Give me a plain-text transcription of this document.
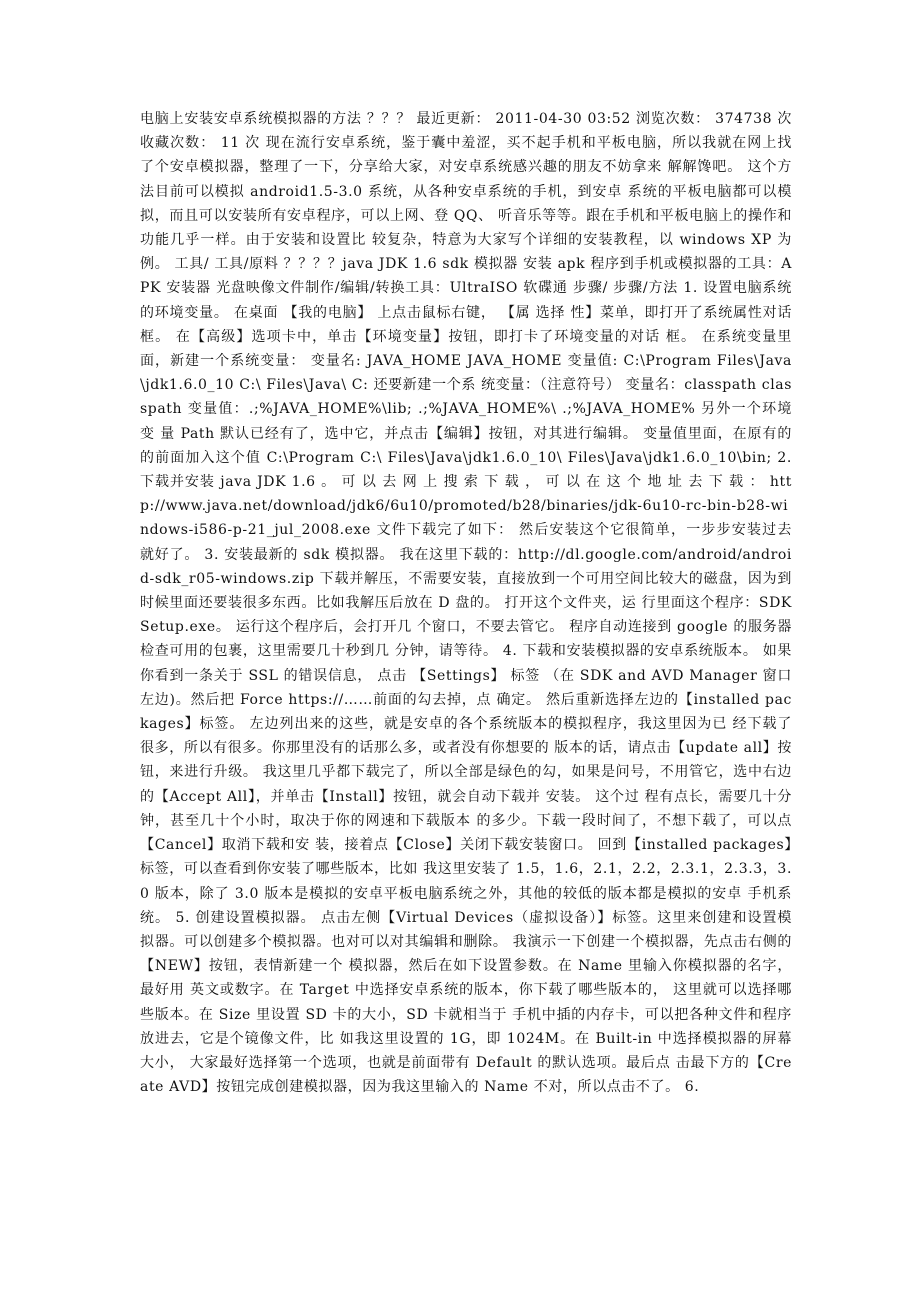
电脑上安装安卓系统模拟器的方法 ？？？ 最近更新： 2011-04-30 03:52 浏览次数： 374738 次 收藏次数： 11 次 现在流行安卓系统，鉴于囊中羞涩，买不起手机和平板电脑，所以我就在网上找 了个安卓模拟器，整理了一下，分享给大家，对安卓系统感兴趣的朋友不妨拿来 解解馋吧。 这个方法目前可以模拟 android1.5-3.0 系统，从各种安卓系统的手机，到安卓 系统的平板电脑都可以模拟，而且可以安装所有安卓程序，可以上网、登 QQ、 听音乐等等。跟在手机和平板电脑上的操作和功能几乎一样。由于安装和设置比 较复杂，特意为大家写个详细的安装教程，以 windows XP 为例。 工具/ 工具/原料 ？？？？java JDK 1.6 sdk 模拟器 安装 apk 程序到手机或模拟器的工具：APK 安装器 光盘映像文件制作/编辑/转换工具：UltraISO 软碟通 步骤/ 步骤/方法 1. 设置电脑系统的环境变量。 在桌面 【我的电脑】 上点击鼠标右键， 【属 选择 性】菜单，即打开了系统属性对话框。 在【高级】选项卡中，单击【环境变量】按钮，即打卡了环境变量的对话 框。 在系统变量里面，新建一个系统变量： 变量名: JAVA_HOME JAVA_HOME 变量值: C:\Program Files\Java\jdk1.6.0_10 C:\ Files\Java\ C: 还要新建一个系 统变量：（注意符号） 变量名：classpath classpath 变量值：.;%JAVA_HOME%\lib; .;%JAVA_HOME%\ .;%JAVA_HOME% 另外一个环境变 量 Path 默认已经有了，选中它，并点击【编辑】按钮，对其进行编辑。 变量值里面，在原有的的前面加入这个值 C:\Program C:\ Files\Java\jdk1.6.0_10\ Files\Java\jdk1.6.0_10\bin; 2. 下载并安装 java JDK 1.6 。 可 以 去 网 上 搜 索 下 载 ， 可 以 在 这 个 地 址 去 下 载 ： http://www.java.net/download/jdk6/6u10/promoted/b28/binaries/jdk-6u10-rc-bin-b28-windows-i586-p-21_jul_2008.exe 文件下载完了如下： 然后安装这个它很简单，一步步安装过去 就好了。 3. 安装最新的 sdk 模拟器。 我在这里下载的：http://dl.google.com/android/android-sdk_r05-windows.zip 下载并解压，不需要安装，直接放到一个可用空间比较大的磁盘，因为到 时候里面还要装很多东西。比如我解压后放在 D 盘的。 打开这个文件夹，运 行里面这个程序：SDK Setup.exe。 运行这个程序后，会打开几 个窗口，不要去管它。 程序自动连接到 google 的服务器检查可用的包裹，这里需要几十秒到几 分钟，请等待。 4. 下载和安装模拟器的安卓系统版本。 如果你看到一条关于 SSL 的错误信息， 点击 【Settings】 标签 （在 SDK and AVD Manager 窗口左边)。然后把 Force https://……前面的勾去掉，点 确定。 然后重新选择左边的【installed packages】标签。 左边列出来的这些，就是安卓的各个系统版本的模拟程序，我这里因为已 经下载了很多，所以有很多。你那里没有的话那么多，或者没有你想要的 版本的话，请点击【update all】按钮，来进行升级。 我这里几乎都下载完了，所以全部是绿色的勾，如果是问号，不用管它，选中右边的【Accept All】，并单击【Install】按钮，就会自动下载并 安装。 这个过 程有点长，需要几十分钟，甚至几十个小时，取决于你的网速和下载版本 的多少。下载一段时间了，不想下载了，可以点【Cancel】取消下载和安 装，接着点【Close】关闭下载安装窗口。 回到【installed packages】标签，可以查看到你安装了哪些版本，比如 我这里安装了 1.5，1.6，2.1，2.2，2.3.1，2.3.3，3.0 版本，除了 3.0 版本是模拟的安卓平板电脑系统之外，其他的较低的版本都是模拟的安卓 手机系统。 5. 创建设置模拟器。 点击左侧【Virtual Devices（虚拟设备）】标签。这里来创建和设置模 拟器。可以创建多个模拟器。也对可以对其编辑和删除。 我演示一下创建一个模拟器，先点击右侧的【NEW】按钮，表情新建一个 模拟器，然后在如下设置参数。在 Name 里输入你模拟器的名字，最好用 英文或数字。在 Target 中选择安卓系统的版本，你下载了哪些版本的， 这里就可以选择哪些版本。在 Size 里设置 SD 卡的大小，SD 卡就相当于 手机中插的内存卡，可以把各种文件和程序放进去，它是个镜像文件，比 如我这里设置的 1G，即 1024M。在 Built-in 中选择模拟器的屏幕大小， 大家最好选择第一个选项，也就是前面带有 Default 的默认选项。最后点 击最下方的【Create AVD】按钮完成创建模拟器，因为我这里输入的 Name 不对，所以点击不了。 6.
